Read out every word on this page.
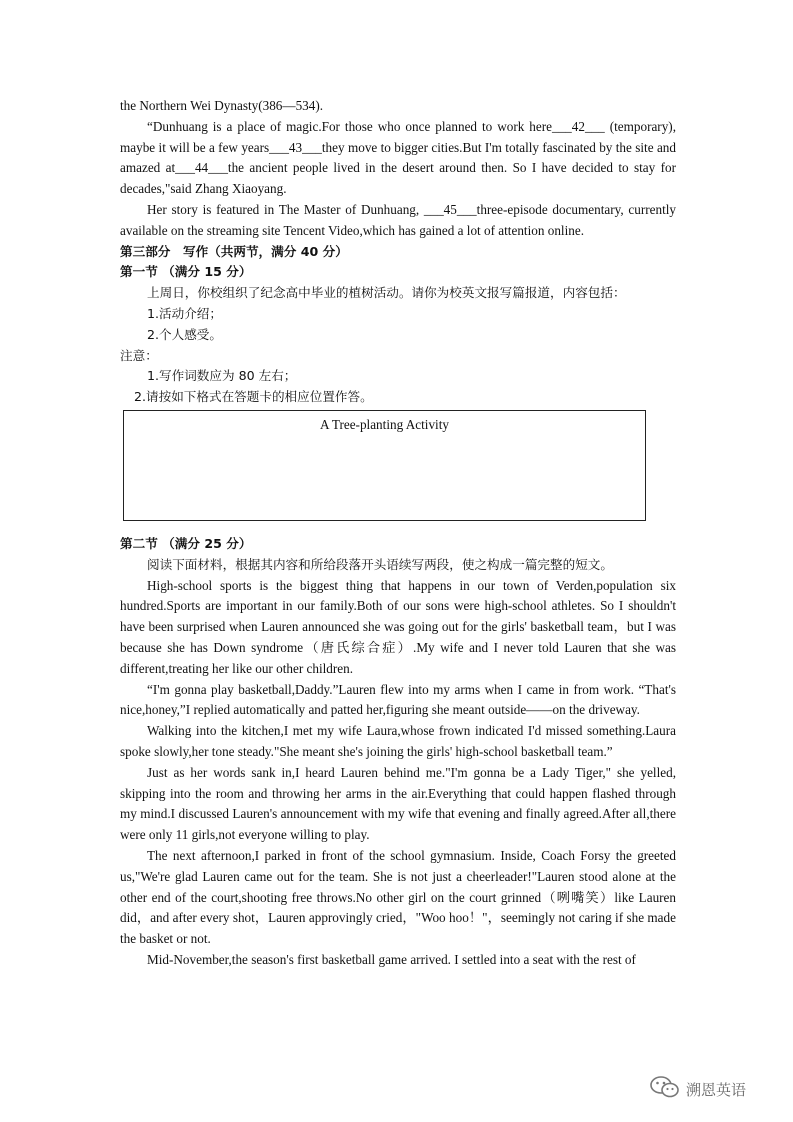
the Northern Wei Dynasty(386—534).

“Dunhuang is a place of magic.For those who once planned to work here___42___ (temporary), maybe it will be a few years___43___they move to bigger cities.But I'm totally fascinated by the site and amazed at___44___the ancient people lived in the desert around then. So I have decided to stay for decades,"said Zhang Xiaoyang.

Her story is featured in The Master of Dunhuang, ___45___three-episode documentary, currently available on the streaming site Tencent Video,which has gained a lot of attention online.

第三部分　写作（共两节，满分 40 分）

第一节 （满分 15 分）

上周日，你校组织了纪念高中毕业的植树活动。请你为校英文报写篇报道，内容包括：

1.活动介绍；

2.个人感受。

注意：

1.写作词数应为 80 左右；

2.请按如下格式在答题卡的相应位置作答。

A Tree-planting Activity

第二节 （满分 25 分）

阅读下面材料，根据其内容和所给段落开头语续写两段，使之构成一篇完整的短文。

High-school sports is the biggest thing that happens in our town of Verden,population six hundred.Sports are important in our family.Both of our sons were high-school athletes. So I shouldn't have been surprised when Lauren announced she was going out for the girls' basketball team，but I was because she has Down syndrome（唐氏综合症）.My wife and I never told Lauren that she was different,treating her like our other children.

“I'm gonna play basketball,Daddy.”Lauren flew into my arms when I came in from work. “That's nice,honey,”I replied automatically and patted her,figuring she meant outside——on the driveway.

Walking into the kitchen,I met my wife Laura,whose frown indicated I'd missed something.Laura spoke slowly,her tone steady."She meant she's joining the girls' high-school basketball team.”

Just as her words sank in,I heard Lauren behind me."I'm gonna be a Lady Tiger," she yelled, skipping into the room and throwing her arms in the air.Everything that could happen flashed through my mind.I discussed Lauren's announcement with my wife that evening and finally agreed.After all,there were only 11 girls,not everyone willing to play.

The next afternoon,I parked in front of the school gymnasium. Inside, Coach Forsy the greeted us,"We're glad Lauren came out for the team. She is not just a cheerleader!"Lauren stood alone at the other end of the court,shooting free throws.No other girl on the court grinned（咧嘴笑）like Lauren did，and after every shot，Lauren approvingly cried，"Woo hoo！"，seemingly not caring if she made the basket or not.

Mid-November,the season's first basketball game arrived. I settled into a seat with the rest of

溯恩英语
